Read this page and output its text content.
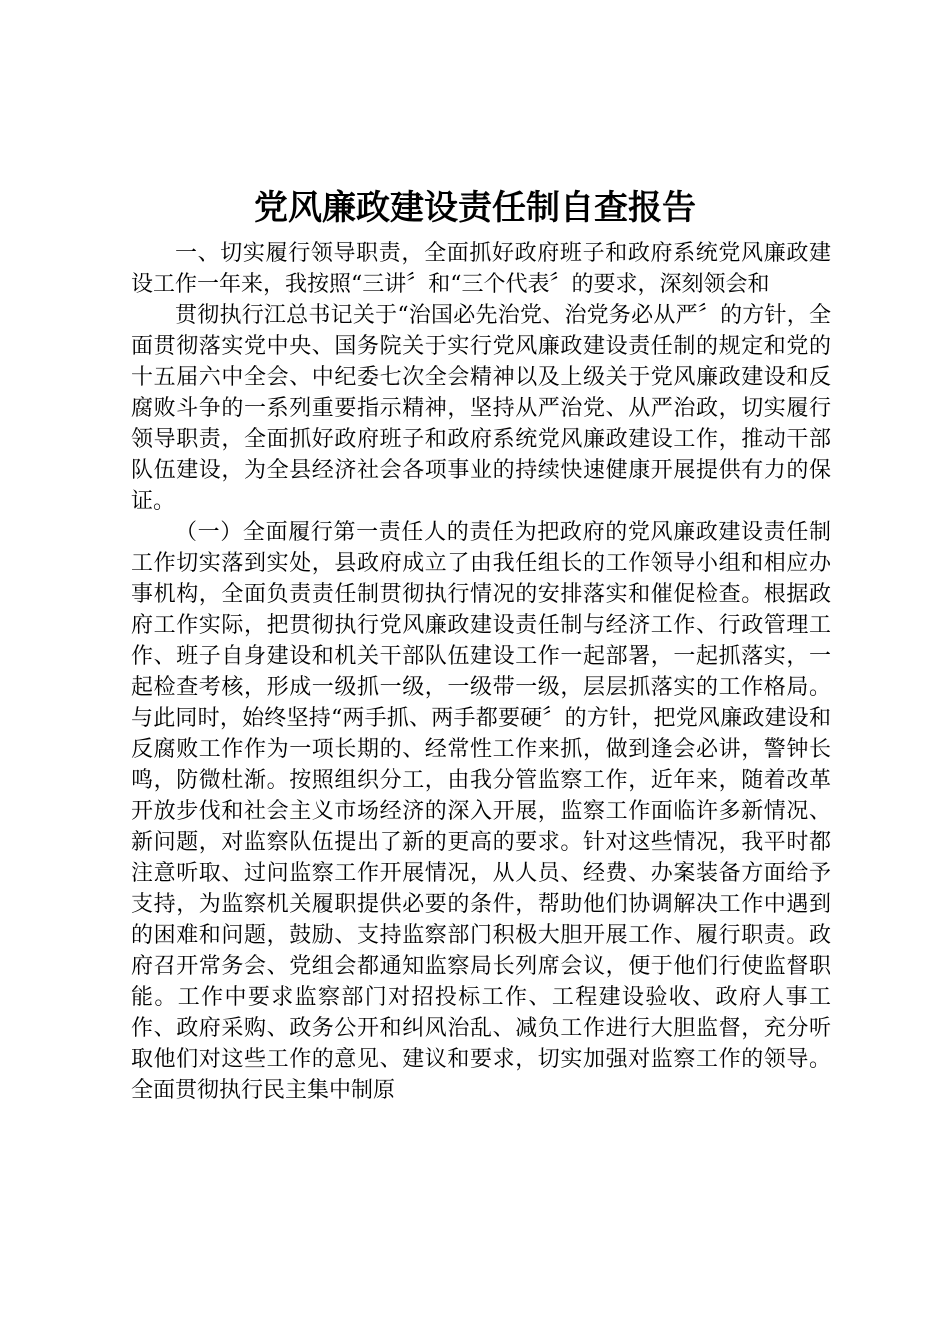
党风廉政建设责任制自查报告

一、切实履行领导职责，全面抓好政府班子和政府系统党风廉政建设工作一年来，我按照“三讲〞和“三个代表〞的要求，深刻领会和

贯彻执行江总书记关于“治国必先治党、治党务必从严〞的方针，全面贯彻落实党中央、国务院关于实行党风廉政建设责任制的规定和党的十五届六中全会、中纪委七次全会精神以及上级关于党风廉政建设和反腐败斗争的一系列重要指示精神，坚持从严治党、从严治政，切实履行领导职责，全面抓好政府班子和政府系统党风廉政建设工作，推动干部队伍建设，为全县经济社会各项事业的持续快速健康开展提供有力的保证。

（一）全面履行第一责任人的责任为把政府的党风廉政建设责任制工作切实落到实处，县政府成立了由我任组长的工作领导小组和相应办事机构，全面负责责任制贯彻执行情况的安排落实和催促检查。根据政府工作实际，把贯彻执行党风廉政建设责任制与经济工作、行政管理工作、班子自身建设和机关干部队伍建设工作一起部署，一起抓落实，一起检查考核，形成一级抓一级，一级带一级，层层抓落实的工作格局。与此同时，始终坚持“两手抓、两手都要硬〞的方针，把党风廉政建设和反腐败工作作为一项长期的、经常性工作来抓，做到逢会必讲，警钟长鸣，防微杜渐。按照组织分工，由我分管监察工作，近年来，随着改革开放步伐和社会主义市场经济的深入开展，监察工作面临许多新情况、新问题，对监察队伍提出了新的更高的要求。针对这些情况，我平时都注意听取、过问监察工作开展情况，从人员、经费、办案装备方面给予支持，为监察机关履职提供必要的条件，帮助他们协调解决工作中遇到的困难和问题，鼓励、支持监察部门积极大胆开展工作、履行职责。政府召开常务会、党组会都通知监察局长列席会议，便于他们行使监督职能。工作中要求监察部门对招投标工作、工程建设验收、政府人事工作、政府采购、政务公开和纠风治乱、减负工作进行大胆监督，充分听取他们对这些工作的意见、建议和要求，切实加强对监察工作的领导。全面贯彻执行民主集中制原
